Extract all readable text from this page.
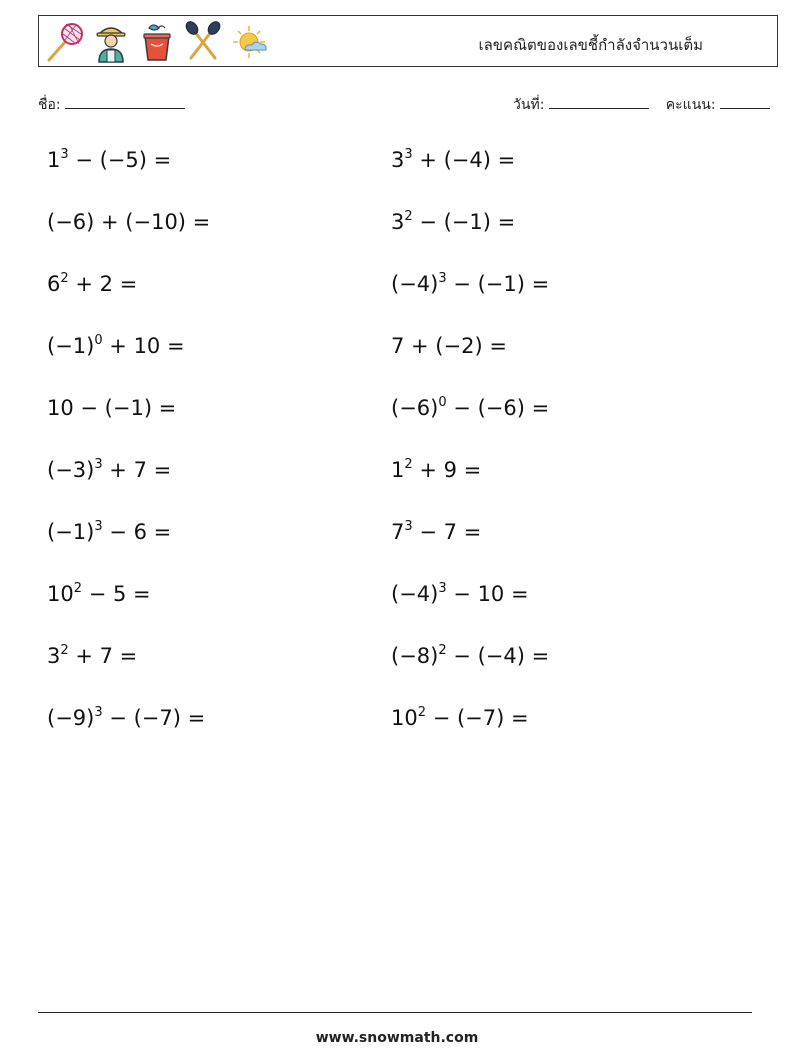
เลขคณิตของเลขชี้กำลังจำนวนเต็ม
ชื่อ:	วันที่:	คะแนน:
$1^3 - (-5)$ =	$3^3 + (-4)$ =
(−6) + (−10) =	$3^2 - (-1)$ =
$6^2 + 2$ =	$(-4)^3 - (-1)$ =
$(-1)^0 + 10$ =	7 + (−2) =
10 − (−1) =	$(-6)^0 - (-6)$ =
$(-3)^3 + 7$ =	$1^2 + 9$ =
$(-1)^3 - 6$ =	$7^3 - 7$ =
$10^2 - 5$ =	$(-4)^3 - 10$ =
$3^2 + 7$ =	$(-8)^2 - (-4)$ =
$(-9)^3 - (-7)$ =	$10^2 - (-7)$ =
www.snowmath.com
